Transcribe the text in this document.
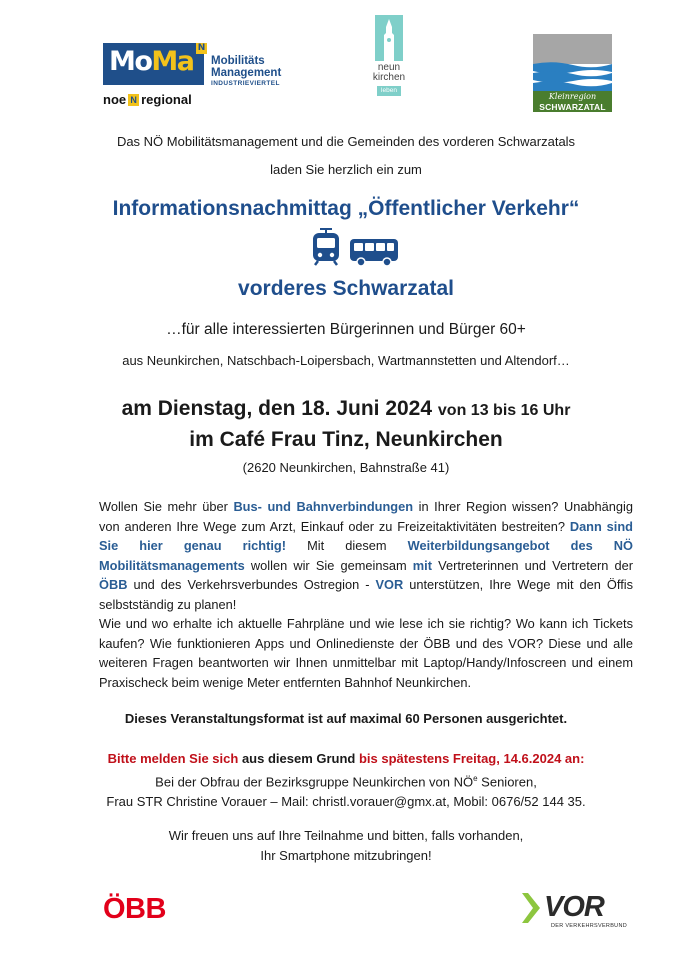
MoMa N
Mobilitäts
Management
INDUSTRIEVIERTEL
noe N regional
neun
kirchen
leben
Kleinregion
SCHWARZATAL
Das NÖ Mobilitätsmanagement und die Gemeinden des vorderen Schwarzatals
laden Sie herzlich ein zum
Informationsnachmittag „Öffentlicher Verkehr“
vorderes Schwarzatal
…für alle interessierten Bürgerinnen und Bürger 60+
aus Neunkirchen, Natschbach-Loipersbach, Wartmannstetten und Altendorf…
am Dienstag, den 18. Juni 2024 von 13 bis 16 Uhr
im Café Frau Tinz, Neunkirchen
(2620 Neunkirchen, Bahnstraße 41)

Wollen Sie mehr über Bus- und Bahnverbindungen in Ihrer Region wissen? Unabhängig von anderen Ihre Wege zum Arzt, Einkauf oder zu Freizeitaktivitäten bestreiten? Dann sind Sie hier genau richtig! Mit diesem Weiterbildungsangebot des NÖ Mobilitätsmanagements wollen wir Sie gemeinsam mit Vertreterinnen und Vertretern der ÖBB und des Verkehrsverbundes Ostregion - VOR unterstützen, Ihre Wege mit den Öffis selbstständig zu planen!

Wie und wo erhalte ich aktuelle Fahrpläne und wie lese ich sie richtig? Wo kann ich Tickets kaufen? Wie funktionieren Apps und Onlinedienste der ÖBB und des VOR? Diese und alle weiteren Fragen beantworten wir Ihnen unmittelbar mit Laptop/Handy/Infoscreen und einem Praxischeck beim wenige Meter entfernten Bahnhof Neunkirchen.

Dieses Veranstaltungsformat ist auf maximal 60 Personen ausgerichtet.
Bitte melden Sie sich aus diesem Grund bis spätestens Freitag, 14.6.2024 an:
Bei der Obfrau der Bezirksgruppe Neunkirchen von $NÖ^e$ Senioren,
Frau STR Christine Vorauer – Mail: christl.vorauer@gmx.at, Mobil: 0676/52 144 35.
Wir freuen uns auf Ihre Teilnahme und bitten, falls vorhanden,
Ihr Smartphone mitzubringen!
ÖBB	VOR
DER VERKEHRSVERBUND
